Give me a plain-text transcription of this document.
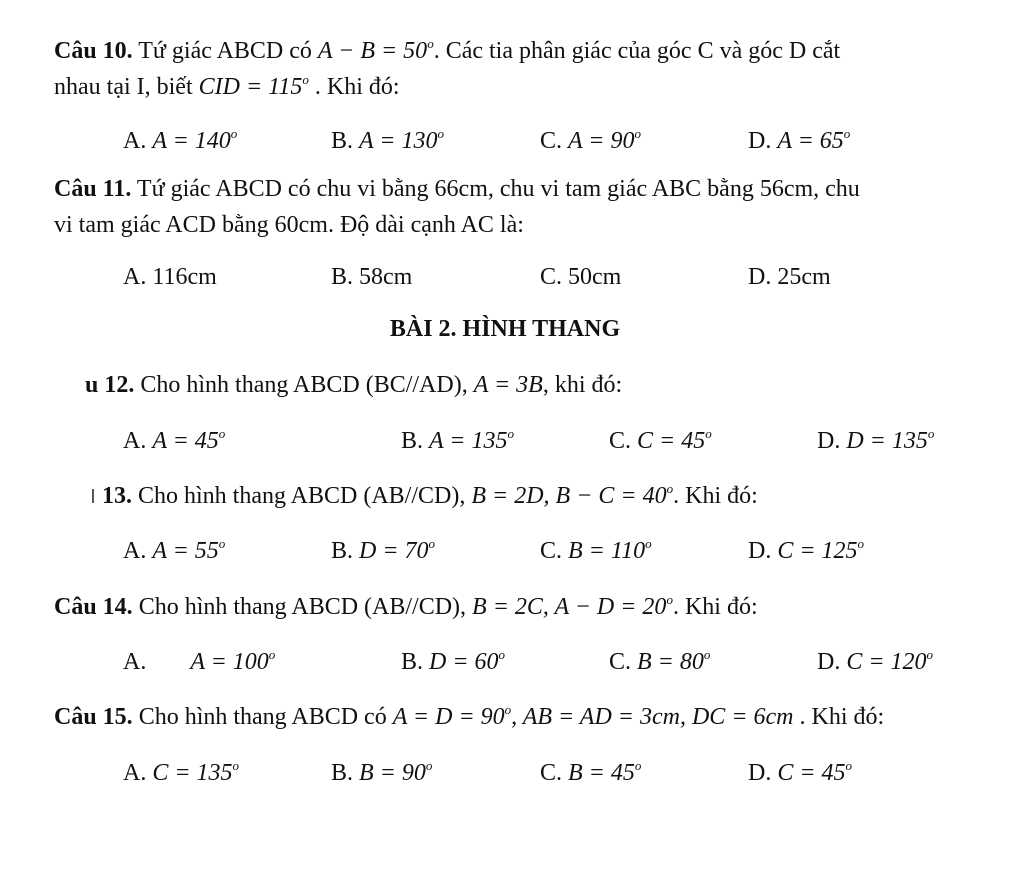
Câu 10. Tứ giác ABCD có $A - B = 50^o$. Các tia phân giác của góc C và góc D cắt
nhau tại I, biết CID = $115^o$ . Khi đó:
A. $A = 140^o$	B. $A = 130^o$	C. $A = 90^o$	D. $A = 65^o$
Câu 11. Tứ giác ABCD có chu vi bằng 66cm, chu vi tam giác ABC bằng 56cm, chu
vi tam giác ACD bằng 60cm. Độ dài cạnh AC là:
A. 116cm	B. 58cm	C. 50cm	D. 25cm
BÀI 2. HÌNH THANG
u 12. Cho hình thang ABCD (BC//AD), A = 3B, khi đó:
A. $A = 45^o$	B. $A = 135^o$	C. $C = 45^o$	D. $D = 135^o$
13. Cho hình thang ABCD (AB//CD), B = 2D, $B - C = 40^o$. Khi đó:
A. $A = 55^o$	B. $D = 70^o$	C. $B = 110^o$	D. $C = 125^o$
Câu 14. Cho hình thang ABCD (AB//CD), B = 2C, $A - D = 20^o$. Khi đó:
A. $A = 100^o$	B. $D = 60^o$	C. $B = 80^o$	D. $C = 120^o$
Câu 15. Cho hình thang ABCD có $A = D = 90^o$, AB = AD = 3cm, DC = 6cm . Khi đó:
A. $C = 135^o$	B. $B = 90^o$	C. $B = 45^o$	D. $C = 45^o$
